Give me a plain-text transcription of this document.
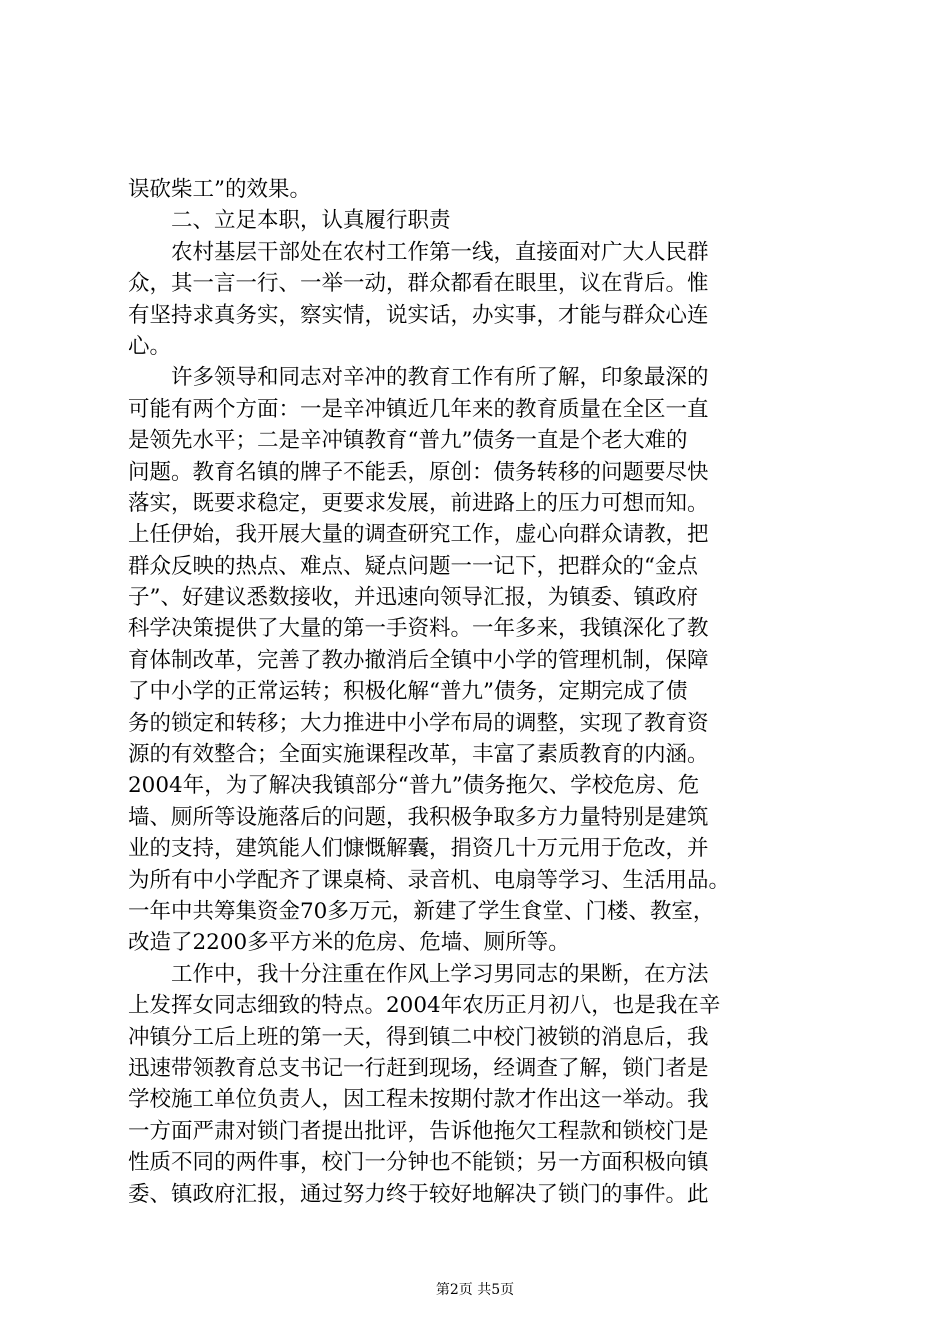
误砍柴工”的效果。
　　二、立足本职，认真履行职责
　　农村基层干部处在农村工作第一线，直接面对广大人民群
众，其一言一行、一举一动，群众都看在眼里，议在背后。惟
有坚持求真务实，察实情，说实话，办实事，才能与群众心连
心。
　　许多领导和同志对辛冲的教育工作有所了解，印象最深的
可能有两个方面：一是辛冲镇近几年来的教育质量在全区一直
是领先水平；二是辛冲镇教育“普九”债务一直是个老大难的
问题。教育名镇的牌子不能丢，原创：债务转移的问题要尽快
落实，既要求稳定，更要求发展，前进路上的压力可想而知。
上任伊始，我开展大量的调查研究工作，虚心向群众请教，把
群众反映的热点、难点、疑点问题一一记下，把群众的“金点
子”、好建议悉数接收，并迅速向领导汇报，为镇委、镇政府
科学决策提供了大量的第一手资料。一年多来，我镇深化了教
育体制改革，完善了教办撤消后全镇中小学的管理机制，保障
了中小学的正常运转；积极化解“普九”债务，定期完成了债
务的锁定和转移；大力推进中小学布局的调整，实现了教育资
源的有效整合；全面实施课程改革，丰富了素质教育的内涵。
2004年，为了解决我镇部分“普九”债务拖欠、学校危房、危
墙、厕所等设施落后的问题，我积极争取多方力量特别是建筑
业的支持，建筑能人们慷慨解囊，捐资几十万元用于危改，并
为所有中小学配齐了课桌椅、录音机、电扇等学习、生活用品。
一年中共筹集资金70多万元，新建了学生食堂、门楼、教室，
改造了2200多平方米的危房、危墙、厕所等。
　　工作中，我十分注重在作风上学习男同志的果断，在方法
上发挥女同志细致的特点。2004年农历正月初八，也是我在辛
冲镇分工后上班的第一天，得到镇二中校门被锁的消息后，我
迅速带领教育总支书记一行赶到现场，经调查了解，锁门者是
学校施工单位负责人，因工程未按期付款才作出这一举动。我
一方面严肃对锁门者提出批评，告诉他拖欠工程款和锁校门是
性质不同的两件事，校门一分钟也不能锁；另一方面积极向镇
委、镇政府汇报，通过努力终于较好地解决了锁门的事件。此
第2页 共5页
